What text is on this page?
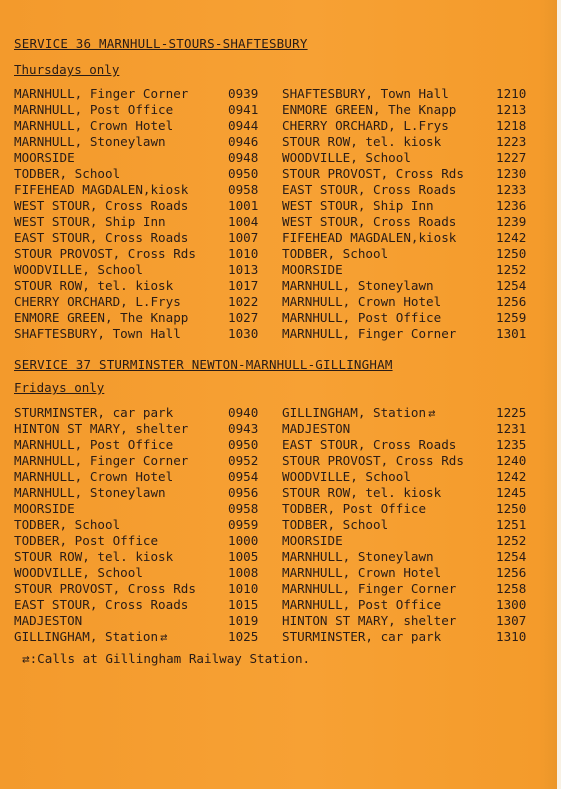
SERVICE 36 MARNHULL-STOURS-SHAFTESBURY
Thursdays only
MARNHULL, Finger Corner	0939 SHAFTESBURY, Town Hall	1210
MARNHULL, Post Office	0941 ENMORE GREEN, The Knapp	1213
MARNHULL, Crown Hotel	0944 CHERRY ORCHARD, L.Frys	1218
MARNHULL, Stoneylawn	0946 STOUR ROW, tel. kiosk	1223
MOORSIDE	0948 WOODVILLE, School	1227
TODBER, School	0950 STOUR PROVOST, Cross Rds	1230
FIFEHEAD MAGDALEN,kiosk	0958 EAST STOUR, Cross Roads	1233
WEST STOUR, Cross Roads	1001 WEST STOUR, Ship Inn	1236
WEST STOUR, Ship Inn	1004 WEST STOUR, Cross Roads	1239
EAST STOUR, Cross Roads	1007 FIFEHEAD MAGDALEN,kiosk	1242
STOUR PROVOST, Cross Rds	1010 TODBER, School	1250
WOODVILLE, School	1013 MOORSIDE	1252
STOUR ROW, tel. kiosk	1017 MARNHULL, Stoneylawn	1254
CHERRY ORCHARD, L.Frys	1022 MARNHULL, Crown Hotel	1256
ENMORE GREEN, The Knapp	1027 MARNHULL, Post Office	1259
SHAFTESBURY, Town Hall	1030 MARNHULL, Finger Corner	1301
SERVICE 37 STURMINSTER NEWTON-MARNHULL-GILLINGHAM
Fridays only
STURMINSTER, car park	0940 GILLINGHAM, Station ⇄	1225
HINTON ST MARY, shelter	0943 MADJESTON	1231
MARNHULL, Post Office	0950 EAST STOUR, Cross Roads	1235
MARNHULL, Finger Corner	0952 STOUR PROVOST, Cross Rds	1240
MARNHULL, Crown Hotel	0954 WOODVILLE, School	1242
MARNHULL, Stoneylawn	0956 STOUR ROW, tel. kiosk	1245
MOORSIDE	0958 TODBER, Post Office	1250
TODBER, School	0959 TODBER, School	1251
TODBER, Post Office	1000 MOORSIDE	1252
STOUR ROW, tel. kiosk	1005 MARNHULL, Stoneylawn	1254
WOODVILLE, School	1008 MARNHULL, Crown Hotel	1256
STOUR PROVOST, Cross Rds	1010 MARNHULL, Finger Corner	1258
EAST STOUR, Cross Roads	1015 MARNHULL, Post Office	1300
MADJESTON	1019 HINTON ST MARY, shelter	1307
GILLINGHAM, Station ⇄	1025 STURMINSTER, car park	1310
⇄:Calls at Gillingham Railway Station.
